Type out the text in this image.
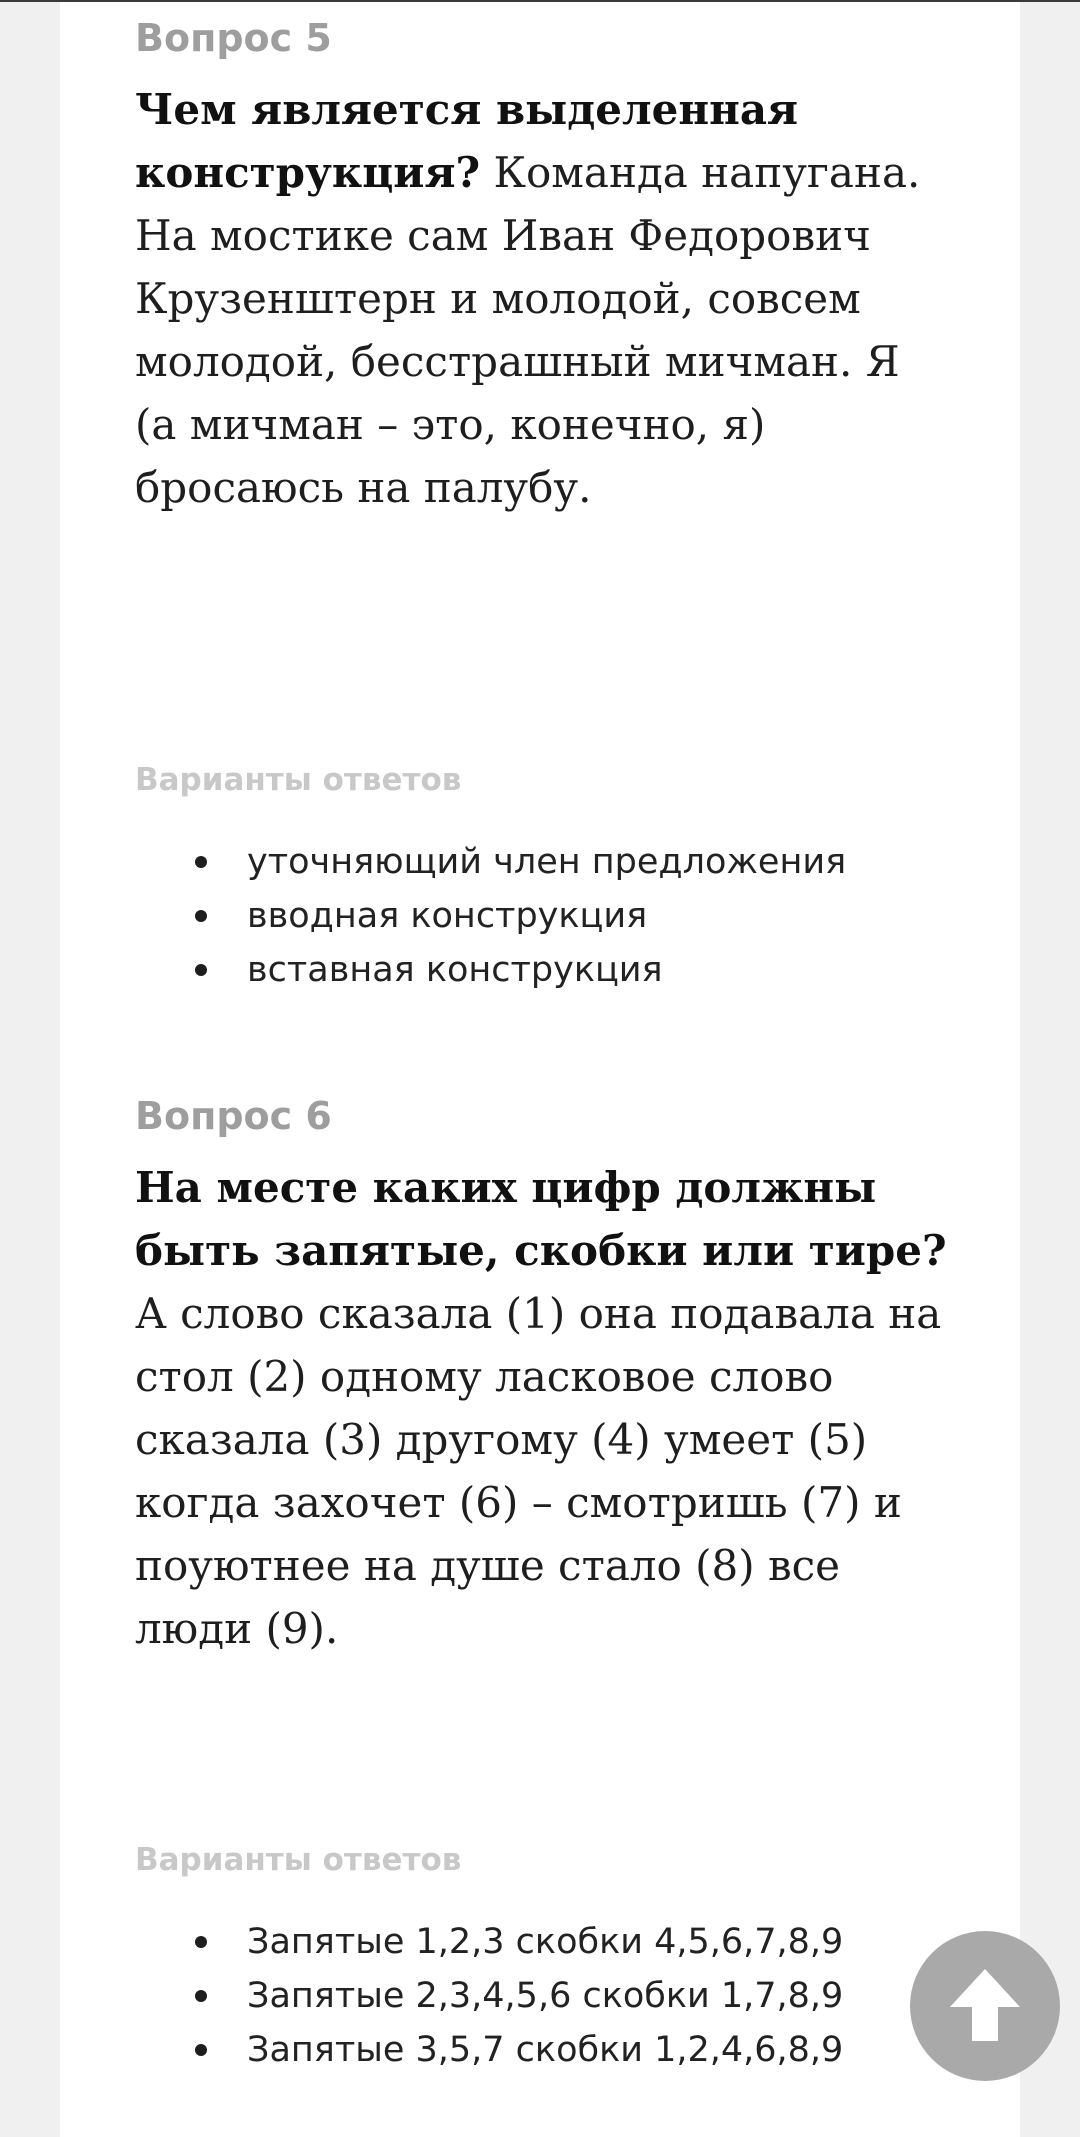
Вопрос 5

Чем является выделенная
конструкция? Команда напугана.
На мостике сам Иван Федорович
Крузенштерн и молодой, совсем
молодой, бесстрашный мичман. Я
(а мичман – это, конечно, я)
бросаюсь на палубу.

Варианты ответов
уточняющий член предложения
вводная конструкция
вставная конструкция
Вопрос 6

На месте каких цифр должны
быть запятые, скобки или тире?
А слово сказала (1) она подавала на
стол (2) одному ласковое слово
сказала (3) другому (4) умеет (5)
когда захочет (6) – смотришь (7) и
поуютнее на душе стало (8) все
люди (9).

Варианты ответов
Запятые 1,2,3 скобки 4,5,6,7,8,9
Запятые 2,3,4,5,6 скобки 1,7,8,9
Запятые 3,5,7 скобки 1,2,4,6,8,9
